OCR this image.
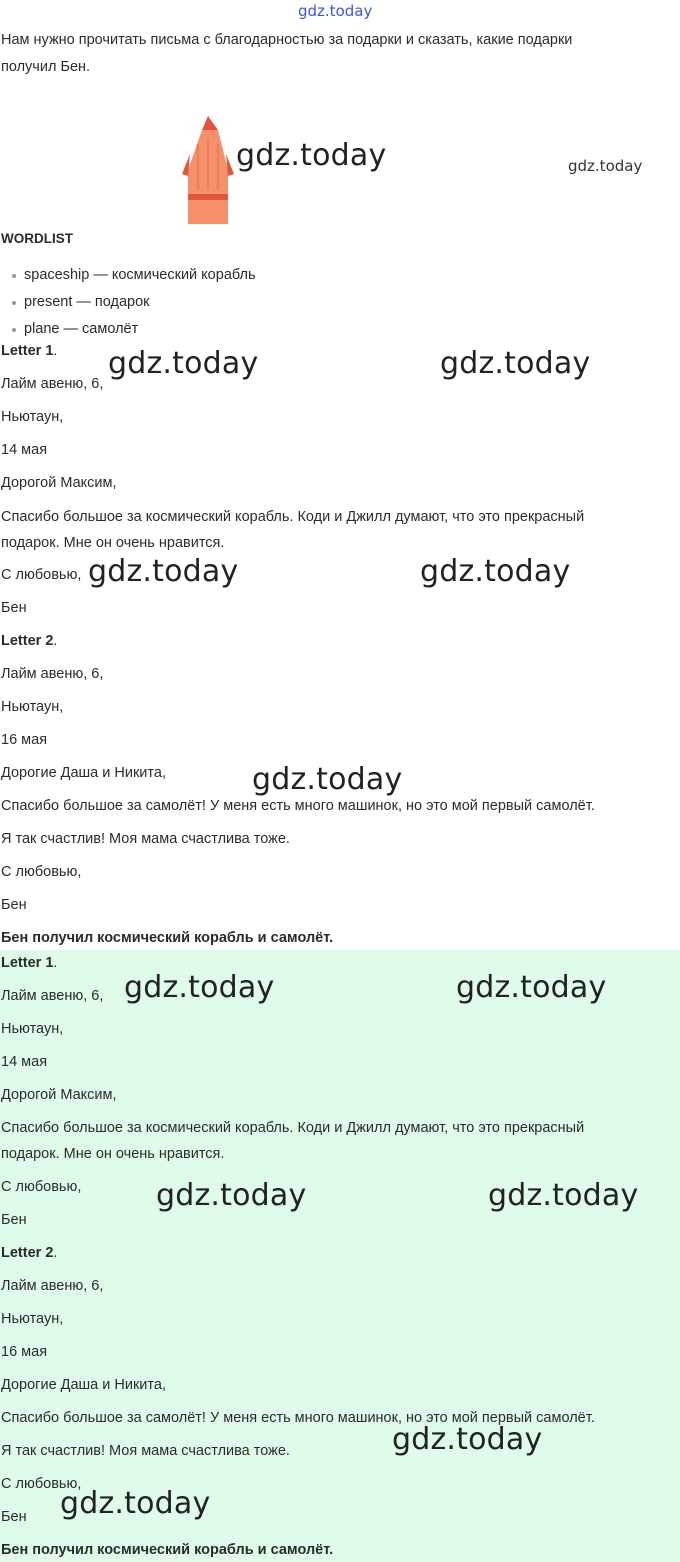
gdz.today
Нам нужно прочитать письма с благодарностью за подарки и сказать, какие подарки
получил Бен.
gdz.today	gdz.today
WORDLIST
spaceship — космический корабль
present — подарок
plane — самолёт
Letter 1.
Лайм авеню, 6,
Ньютаун,
14 мая
Дорогой Максим,
Спасибо большое за космический корабль. Коди и Джилл думают, что это прекрасный
подарок. Мне он очень нравится.
С любовью,
Бен
Letter 2.
Лайм авеню, 6,
Ньютаун,
16 мая
Дорогие Даша и Никита,
Спасибо большое за самолёт! У меня есть много машинок, но это мой первый самолёт.
Я так счастлив! Моя мама счастлива тоже.
С любовью,
Бен
Бен получил космический корабль и самолёт.
gdz.today	gdz.today
gdz.today	gdz.today
gdz.today
Letter 1.
Лайм авеню, 6,
Ньютаун,
14 мая
Дорогой Максим,
Спасибо большое за космический корабль. Коди и Джилл думают, что это прекрасный
подарок. Мне он очень нравится.
С любовью,
Бен
Letter 2.
Лайм авеню, 6,
Ньютаун,
16 мая
Дорогие Даша и Никита,
Спасибо большое за самолёт! У меня есть много машинок, но это мой первый самолёт.
Я так счастлив! Моя мама счастлива тоже.
С любовью,
Бен
Бен получил космический корабль и самолёт.
gdz.today	gdz.today
gdz.today	gdz.today
gdz.today
gdz.today
